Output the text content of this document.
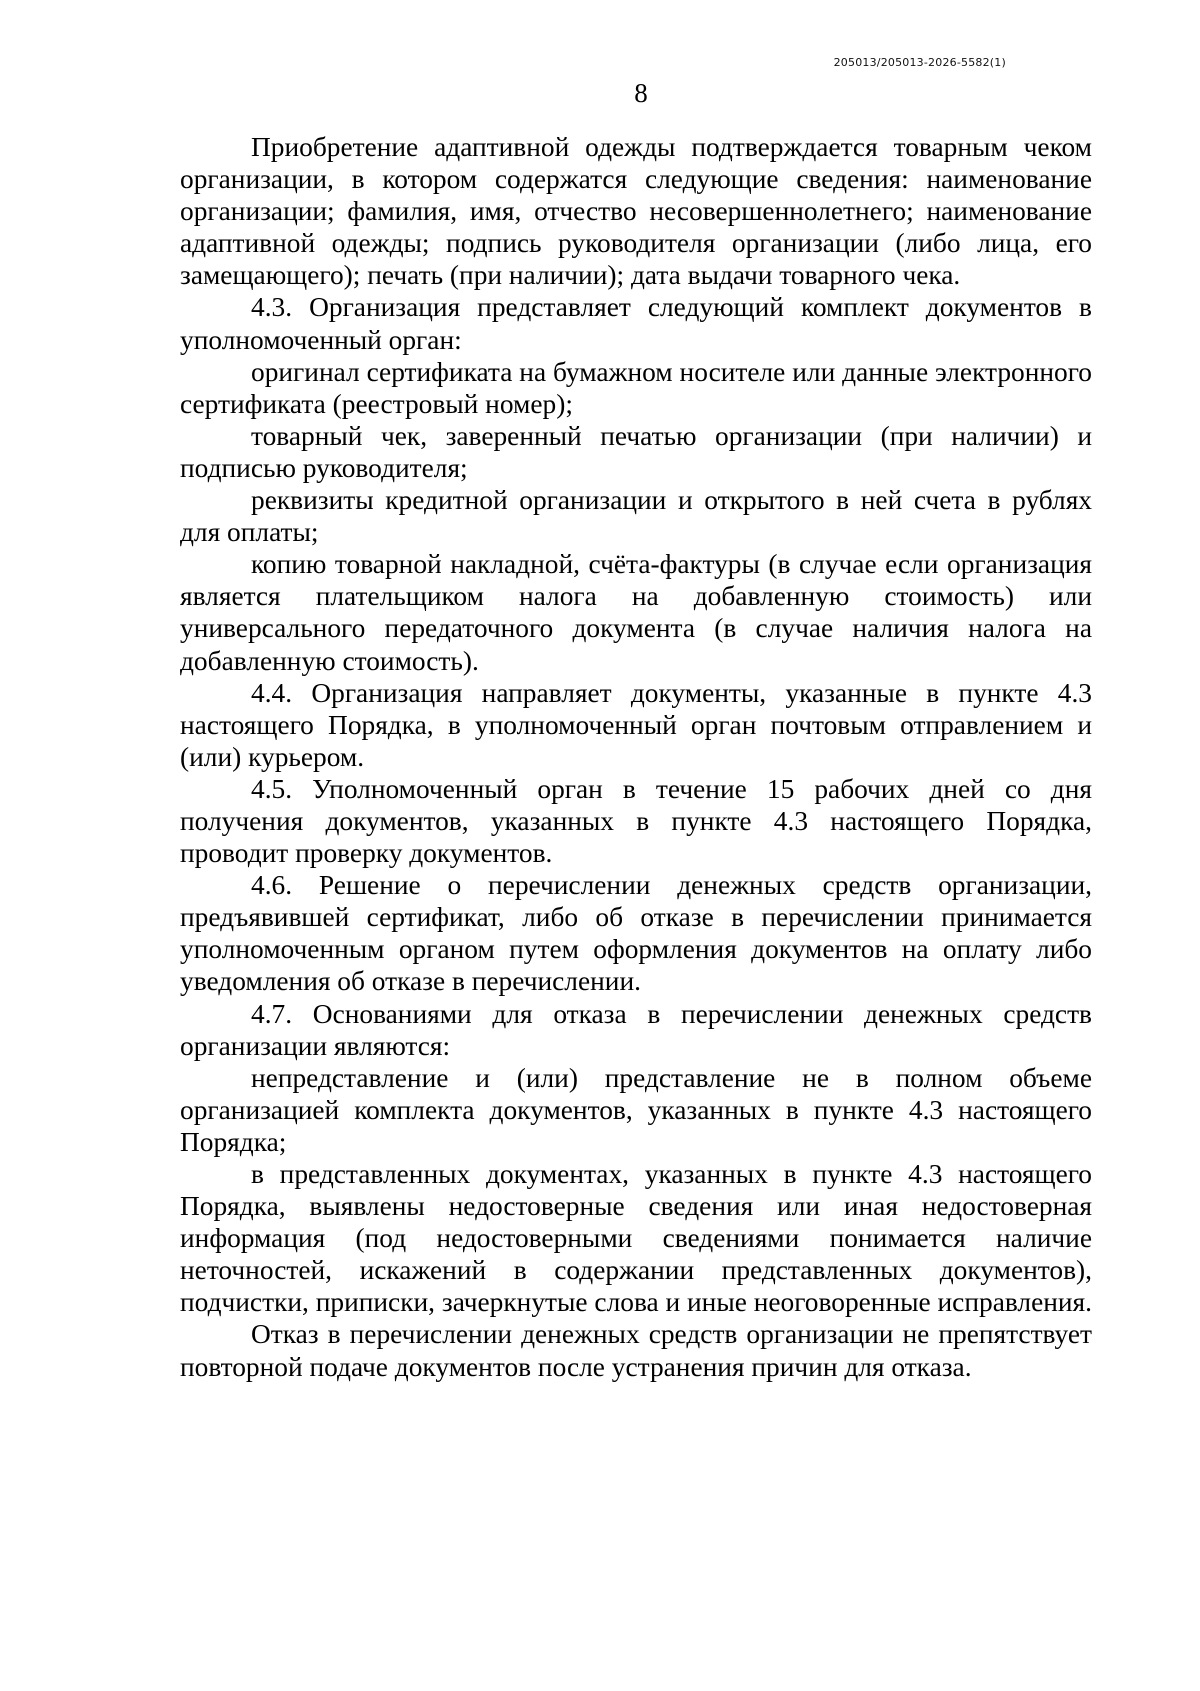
205013/205013-2026-5582(1)
8

Приобретение адаптивной одежды подтверждается товарным чеком организации, в котором содержатся следующие сведения: наименование организации; фамилия, имя, отчество несовершеннолетнего; наименование адаптивной одежды; подпись руководителя организации (либо лица, его замещающего); печать (при наличии); дата выдачи товарного чека.

4.3. Организация представляет следующий комплект документов в уполномоченный орган:

оригинал сертификата на бумажном носителе или данные электронного сертификата (реестровый номер);

товарный чек, заверенный печатью организации (при наличии) и подписью руководителя;

реквизиты кредитной организации и открытого в ней счета в рублях для оплаты;

копию товарной накладной, счёта-фактуры (в случае если организация является плательщиком налога на добавленную стоимость) или универсального передаточного документа (в случае наличия налога на добавленную стоимость).

4.4. Организация направляет документы, указанные в пункте 4.3 настоящего Порядка, в уполномоченный орган почтовым отправлением и (или) курьером.

4.5. Уполномоченный орган в течение 15 рабочих дней со дня получения документов, указанных в пункте 4.3 настоящего Порядка, проводит проверку документов.

4.6. Решение о перечислении денежных средств организации, предъявившей сертификат, либо об отказе в перечислении принимается уполномоченным органом путем оформления документов на оплату либо уведомления об отказе в перечислении.

4.7. Основаниями для отказа в перечислении денежных средств организации являются:

непредставление и (или) представление не в полном объеме организацией комплекта документов, указанных в пункте 4.3 настоящего Порядка;

в представленных документах, указанных в пункте 4.3 настоящего Порядка, выявлены недостоверные сведения или иная недостоверная информация (под недостоверными сведениями понимается наличие неточностей, искажений в содержании представленных документов), подчистки, приписки, зачеркнутые слова и иные неоговоренные исправления.

Отказ в перечислении денежных средств организации не препятствует повторной подаче документов после устранения причин для отказа.
